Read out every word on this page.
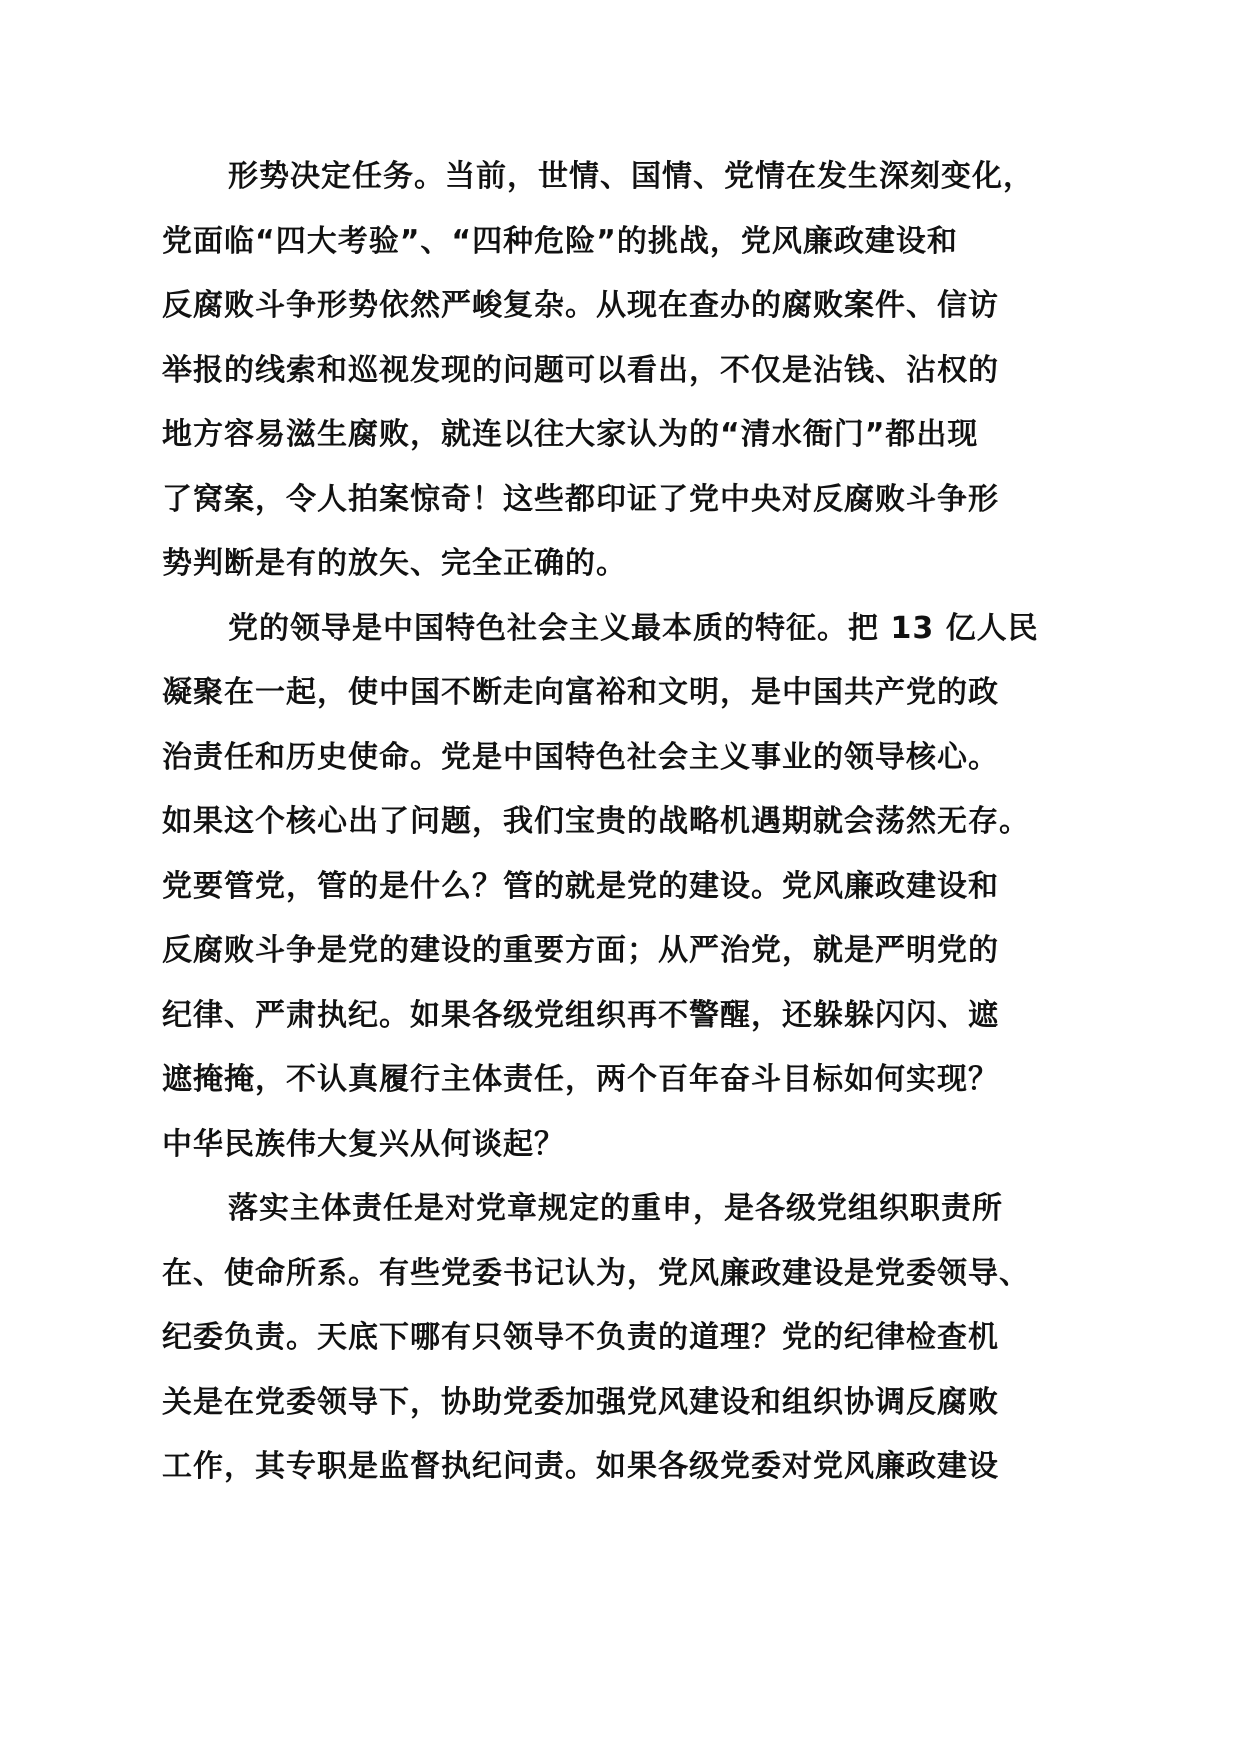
形势决定任务。当前，世情、国情、党情在发生深刻变化，
党面临“四大考验”、“四种危险”的挑战，党风廉政建设和
反腐败斗争形势依然严峻复杂。从现在查办的腐败案件、信访
举报的线索和巡视发现的问题可以看出，不仅是沾钱、沾权的
地方容易滋生腐败，就连以往大家认为的“清水衙门”都出现
了窝案，令人拍案惊奇！这些都印证了党中央对反腐败斗争形
势判断是有的放矢、完全正确的。
党的领导是中国特色社会主义最本质的特征。把 13 亿人民
凝聚在一起，使中国不断走向富裕和文明，是中国共产党的政
治责任和历史使命。党是中国特色社会主义事业的领导核心。
如果这个核心出了问题，我们宝贵的战略机遇期就会荡然无存。
党要管党，管的是什么？管的就是党的建设。党风廉政建设和
反腐败斗争是党的建设的重要方面；从严治党，就是严明党的
纪律、严肃执纪。如果各级党组织再不警醒，还躲躲闪闪、遮
遮掩掩，不认真履行主体责任，两个百年奋斗目标如何实现？
中华民族伟大复兴从何谈起？
落实主体责任是对党章规定的重申，是各级党组织职责所
在、使命所系。有些党委书记认为，党风廉政建设是党委领导、
纪委负责。天底下哪有只领导不负责的道理？党的纪律检查机
关是在党委领导下，协助党委加强党风建设和组织协调反腐败
工作，其专职是监督执纪问责。如果各级党委对党风廉政建设
